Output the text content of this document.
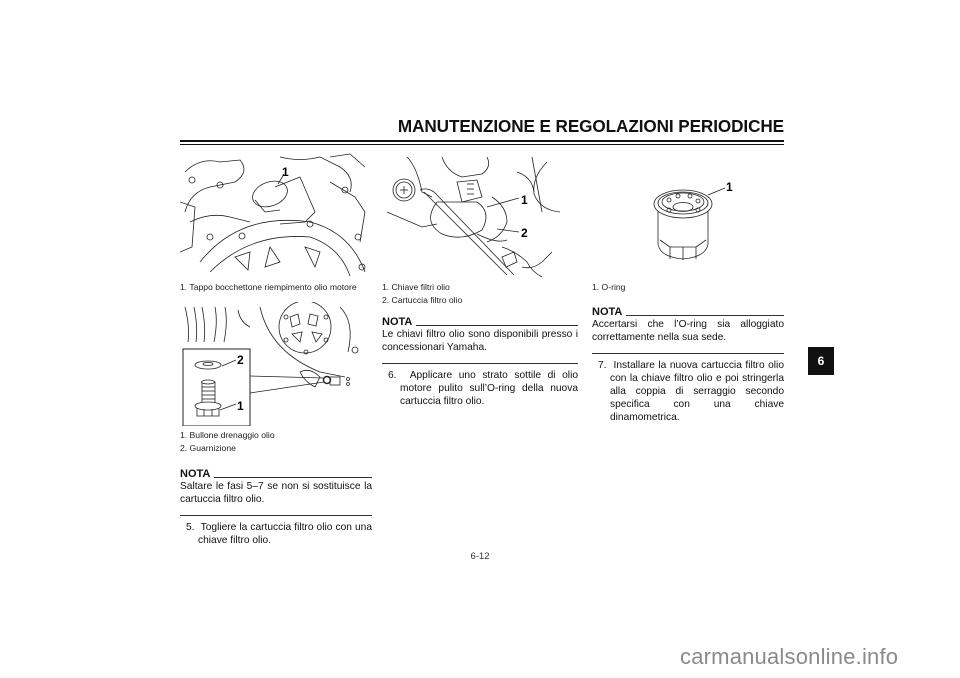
MANUTENZIONE E REGOLAZIONI PERIODICHE
1
1. Tappo bocchettone riempimento olio motore
2
1
1. Bullone drenaggio olio
2. Guarnizione
NOTA
Saltare le fasi 5–7 se non si sostituisce la cartuccia filtro olio.
5. Togliere la cartuccia filtro olio con una chiave filtro olio.
1
2
1. Chiave filtri olio
2. Cartuccia filtro olio
NOTA
Le chiavi filtro olio sono disponibili presso i concessionari Yamaha.
6. Applicare uno strato sottile di olio motore pulito sull’O-ring della nuova cartuccia filtro olio.
1
1. O-ring
NOTA
Accertarsi che l’O-ring sia alloggiato correttamente nella sua sede.
7. Installare la nuova cartuccia filtro olio con la chiave filtro olio e poi stringerla alla coppia di serraggio secondo specifica con una chiave dinamometrica.
6
6-12
carmanualsonline.info
